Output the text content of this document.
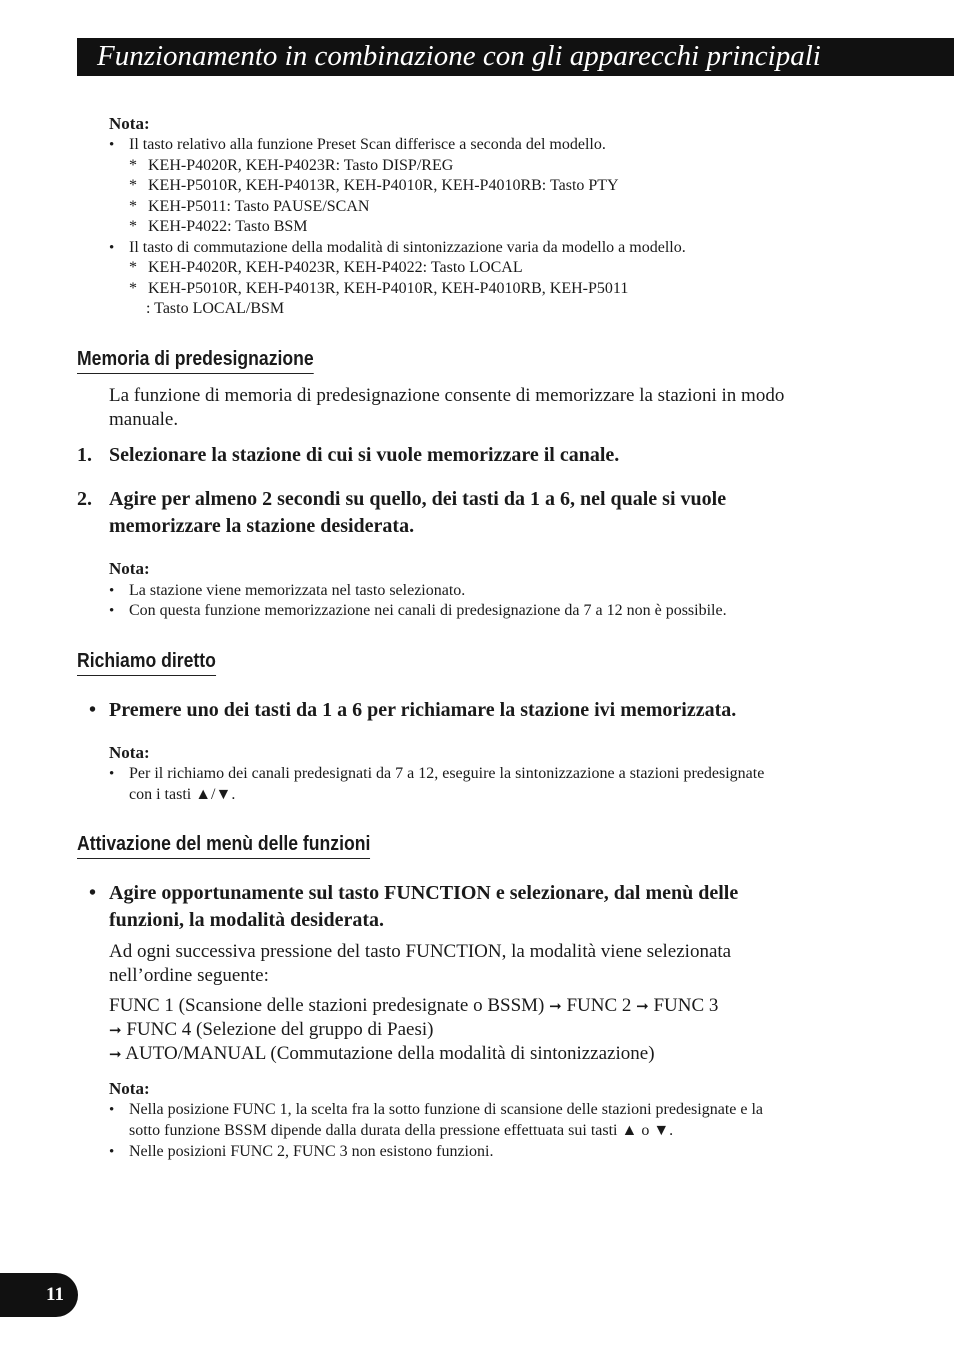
Funzionamento in combinazione con gli apparecchi principali
Nota:
• Il tasto relativo alla funzione Preset Scan differisce a seconda del modello.
* KEH-P4020R, KEH-P4023R: Tasto DISP/REG
* KEH-P5010R, KEH-P4013R, KEH-P4010R, KEH-P4010RB: Tasto PTY
* KEH-P5011: Tasto PAUSE/SCAN
* KEH-P4022: Tasto BSM
• Il tasto di commutazione della modalità di sintonizzazione varia da modello a modello.
* KEH-P4020R, KEH-P4023R, KEH-P4022: Tasto LOCAL
* KEH-P5010R, KEH-P4013R, KEH-P4010R, KEH-P4010RB, KEH-P5011
: Tasto LOCAL/BSM
Memoria di predesignazione
La funzione di memoria di predesignazione consente di memorizzare la stazioni in modo
manuale.
1. Selezionare la stazione di cui si vuole memorizzare il canale.
2. Agire per almeno 2 secondi su quello, dei tasti da 1 a 6, nel quale si vuole
memorizzare la stazione desiderata.
Nota:
• La stazione viene memorizzata nel tasto selezionato.
• Con questa funzione memorizzazione nei canali di predesignazione da 7 a 12 non è possibile.
Richiamo diretto
• Premere uno dei tasti da 1 a 6 per richiamare la stazione ivi memorizzata.
Nota:
• Per il richiamo dei canali predesignati da 7 a 12, eseguire la sintonizzazione a stazioni predesignate
con i tasti ▲/▼.
Attivazione del menù delle funzioni
• Agire opportunamente sul tasto FUNCTION e selezionare, dal menù delle
funzioni, la modalità desiderata.
Ad ogni successiva pressione del tasto FUNCTION, la modalità viene selezionata
nell’ordine seguente:
FUNC 1 (Scansione delle stazioni predesignate o BSSM) ➞ FUNC 2 ➞ FUNC 3
➞ FUNC 4 (Selezione del gruppo di Paesi)
➞ AUTO/MANUAL (Commutazione della modalità di sintonizzazione)
Nota:
• Nella posizione FUNC 1, la scelta fra la sotto funzione di scansione delle stazioni predesignate e la
sotto funzione BSSM dipende dalla durata della pressione effettuata sui tasti ▲ o ▼.
• Nelle posizioni FUNC 2, FUNC 3 non esistono funzioni.
11
